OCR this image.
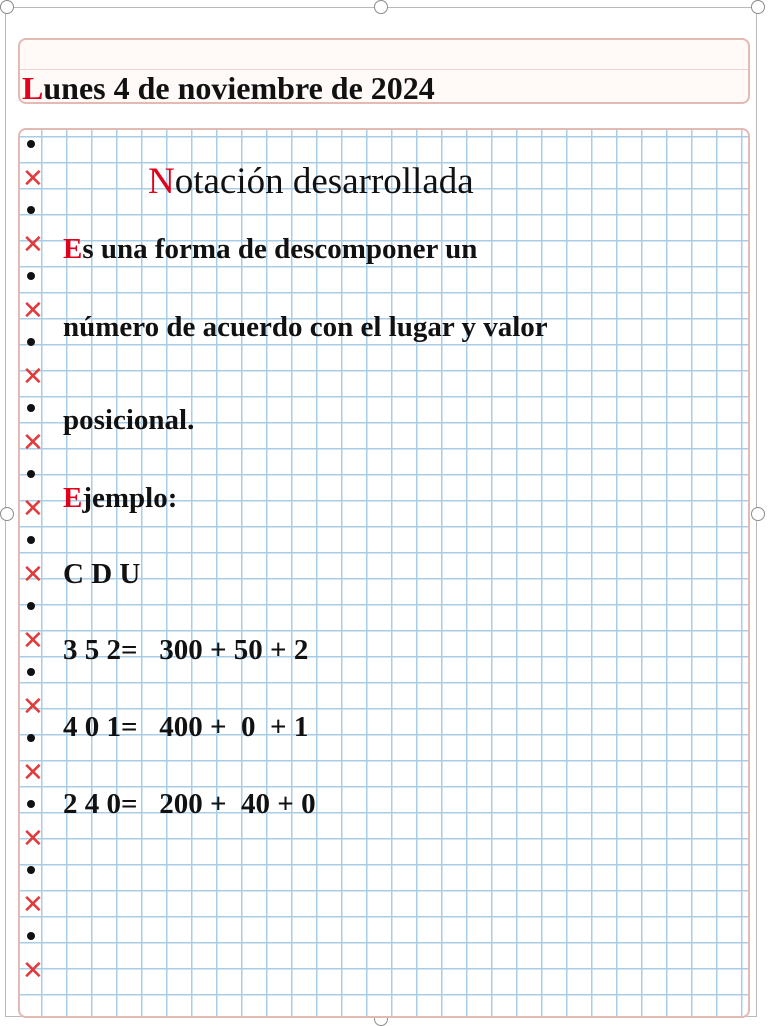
Lunes 4 de noviembre de 2024
✕
✕
✕
✕
✕
✕
✕
✕
✕
✕
✕
✕
✕
Notación desarrollada
Es una forma de descomponer un
número de acuerdo con el lugar y valor
posicional.
Ejemplo:
C D U
3 5 2=   300 + 50 + 2
4 0 1=   400 +  0  + 1
2 4 0=   200 +  40 + 0
